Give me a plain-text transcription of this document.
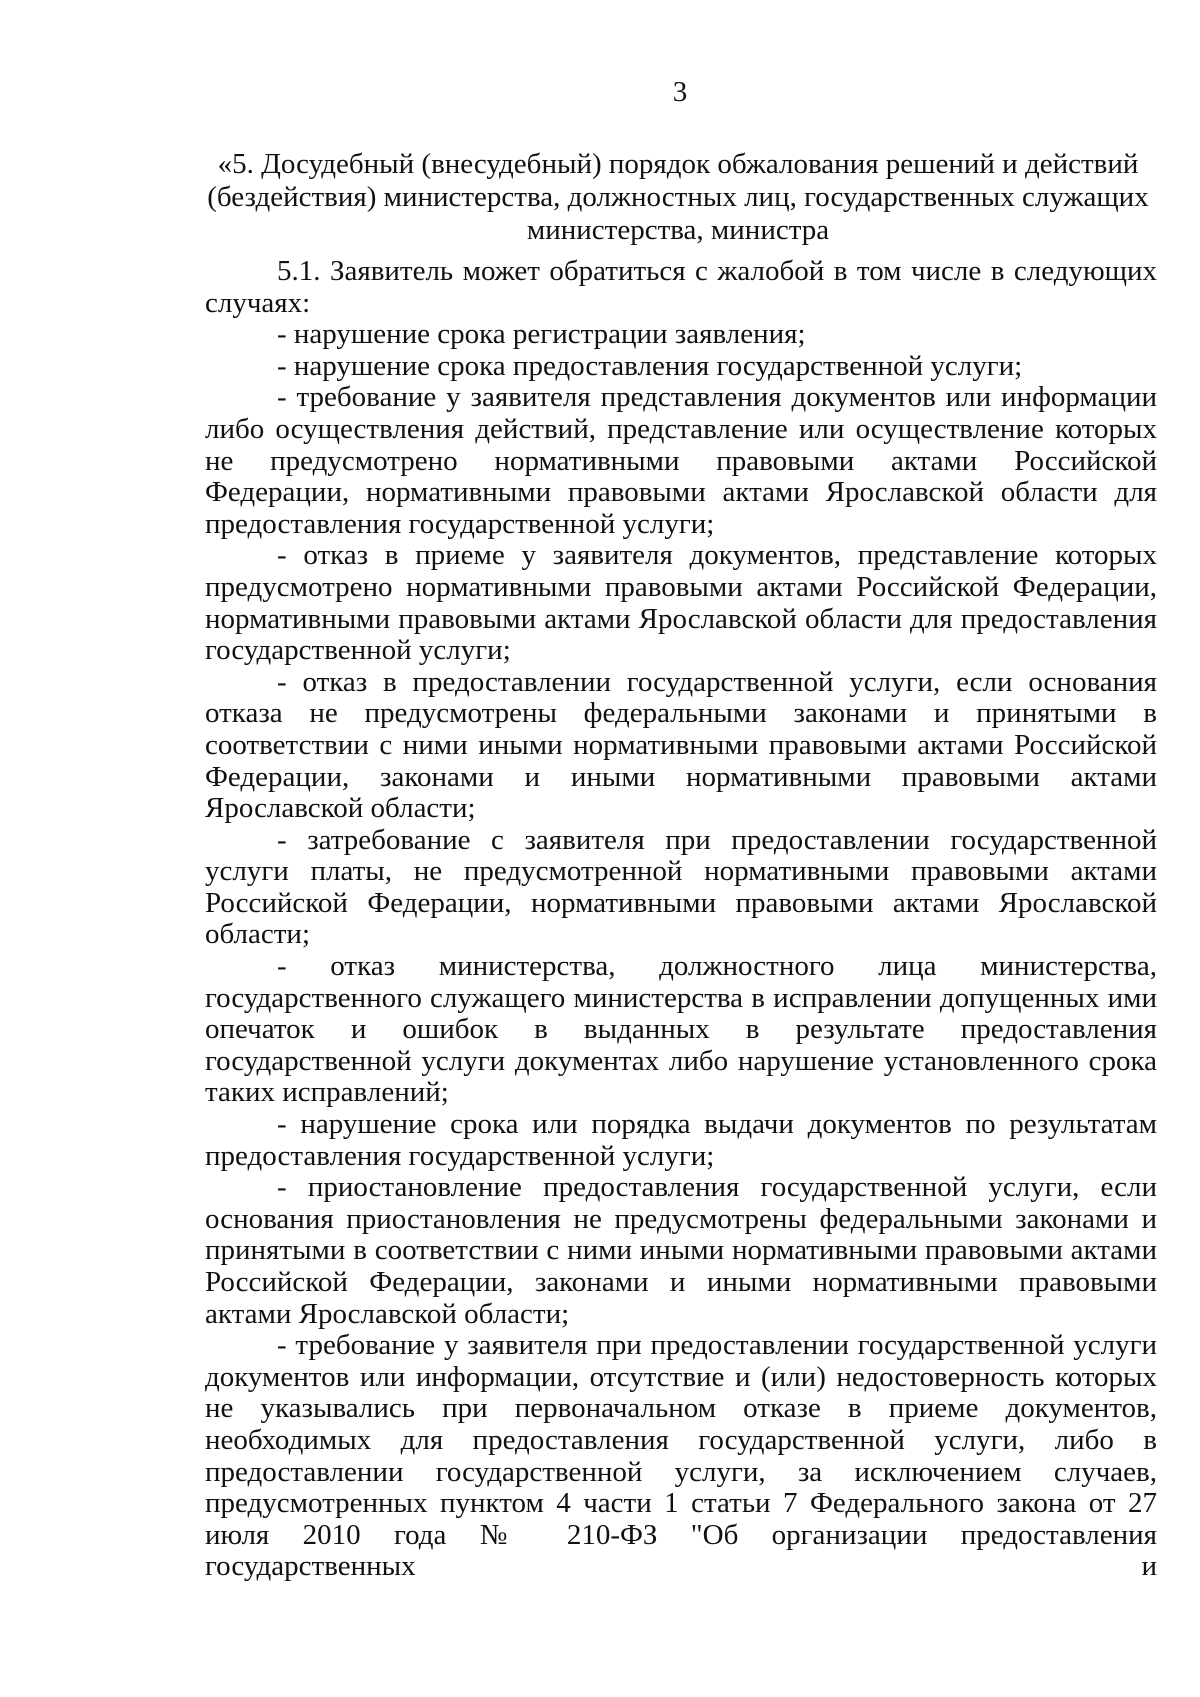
3
«5. Досудебный (внесудебный) порядок обжалования решений и действий (бездействия) министерства, должностных лиц, государственных служащих министерства, министра

5.1. Заявитель может обратиться с жалобой в том числе в следующих случаях:

- нарушение срока регистрации заявления;

- нарушение срока предоставления государственной услуги;

- требование у заявителя представления документов или информации либо осуществления действий, представление или осуществление которых не предусмотрено нормативными правовыми актами Российской Федерации, нормативными правовыми актами Ярославской области для предоставления государственной услуги;

- отказ в приеме у заявителя документов, представление которых предусмотрено нормативными правовыми актами Российской Федерации, нормативными правовыми актами Ярославской области для предоставления государственной услуги;

- отказ в предоставлении государственной услуги, если основания отказа не предусмотрены федеральными законами и принятыми в соответствии с ними иными нормативными правовыми актами Российской Федерации, законами и иными нормативными правовыми актами Ярославской области;

- затребование с заявителя при предоставлении государственной услуги платы, не предусмотренной нормативными правовыми актами Российской Федерации, нормативными правовыми актами Ярославской области;

- отказ министерства, должностного лица министерства, государственного служащего министерства в исправлении допущенных ими опечаток и ошибок в выданных в результате предоставления государственной услуги документах либо нарушение установленного срока таких исправлений;

- нарушение срока или порядка выдачи документов по результатам предоставления государственной услуги;

- приостановление предоставления государственной услуги, если основания приостановления не предусмотрены федеральными законами и принятыми в соответствии с ними иными нормативными правовыми актами Российской Федерации, законами и иными нормативными правовыми актами Ярославской области;

- требование у заявителя при предоставлении государственной услуги документов или информации, отсутствие и (или) недостоверность которых не указывались при первоначальном отказе в приеме документов, необходимых для предоставления государственной услуги, либо в предоставлении государственной услуги, за исключением случаев, предусмотренных пунктом 4 части 1 статьи 7 Федерального закона от 27 июля 2010 года № 210-ФЗ "Об организации предоставления государственных и
